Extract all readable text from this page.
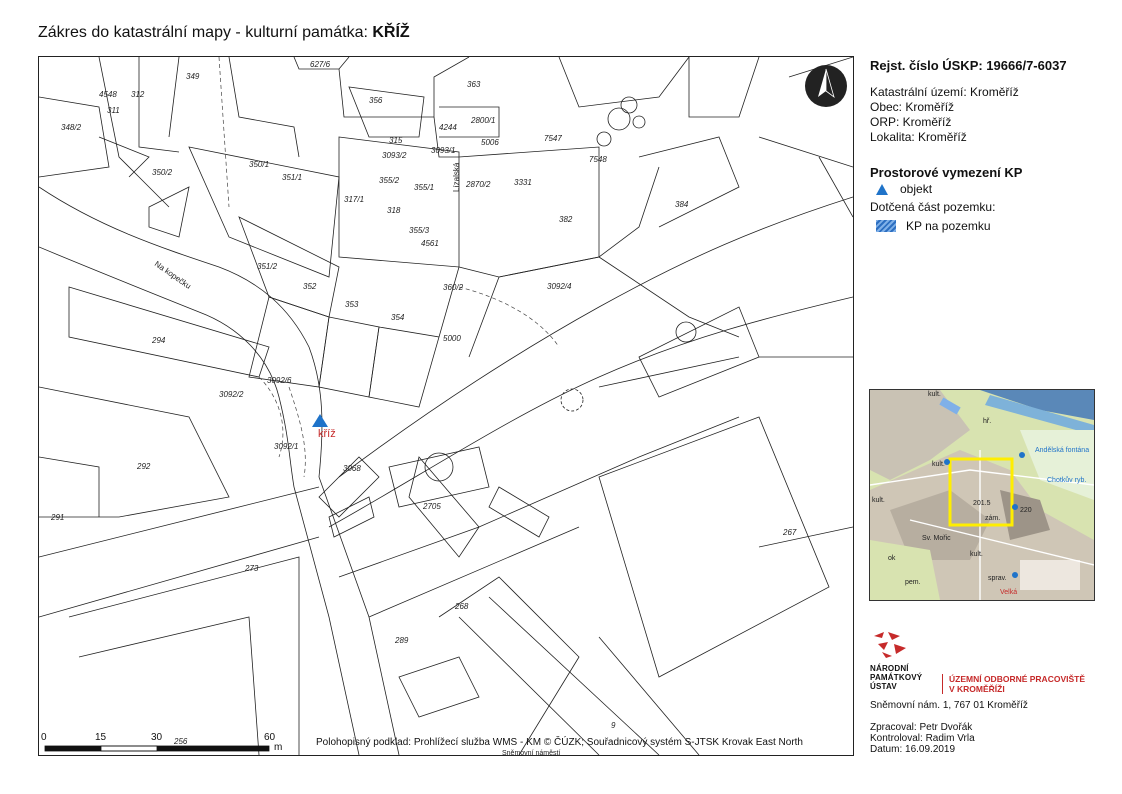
Zákres do katastrální mapy - kulturní památka: KŘÍŽ
4548
311
312
349
627/6
363
356
348/2	4244
2800/1
315
3093/1
5006	7547
7548
3331
350/2
350/1
351/1	355/2
355/1
317/1
318
2870/2
382
384
351/2
352
353
354
355/3
4561
360/2
3093/2
3092/4
294	5000
3092/2
3092/6
3092/1
3068
2705
292
291
273
267
268
289
9
256
Na kopečku
Lízalská
Sněmovní náměstí
kříž
0	15	30	60
m	Polohopisný podklad: Prohlížecí služba WMS - KM © ČÚZK; Souřadnicový systém S-JTSK Krovak East North
Rejst. číslo ÚSKP: 19666/7-6037
Katastrální území: Kroměříž
Obec: Kroměříž
ORP: Kroměříž
Lokalita: Kroměříž
Prostorové vymezení KP
objekt
Dotčená část pozemku:
KP na pozemku
kult.
hř.
kult.
Andělská fontána
Chotkův ryb.
201.5
zám.
220
kult.
Sv. Mořic
kult.
sprav.
pem.
Velká
ok
NÁRODNÍ
PAMÁTKOVÝ
ÚSTAV
ÚZEMNÍ ODBORNÉ PRACOVIŠTĚ
V KROMĚŘÍŽI
Sněmovní nám. 1, 767 01 Kroměříž
Zpracoval: Petr Dvořák
Kontroloval: Radim Vrla
Datum: 16.09.2019
